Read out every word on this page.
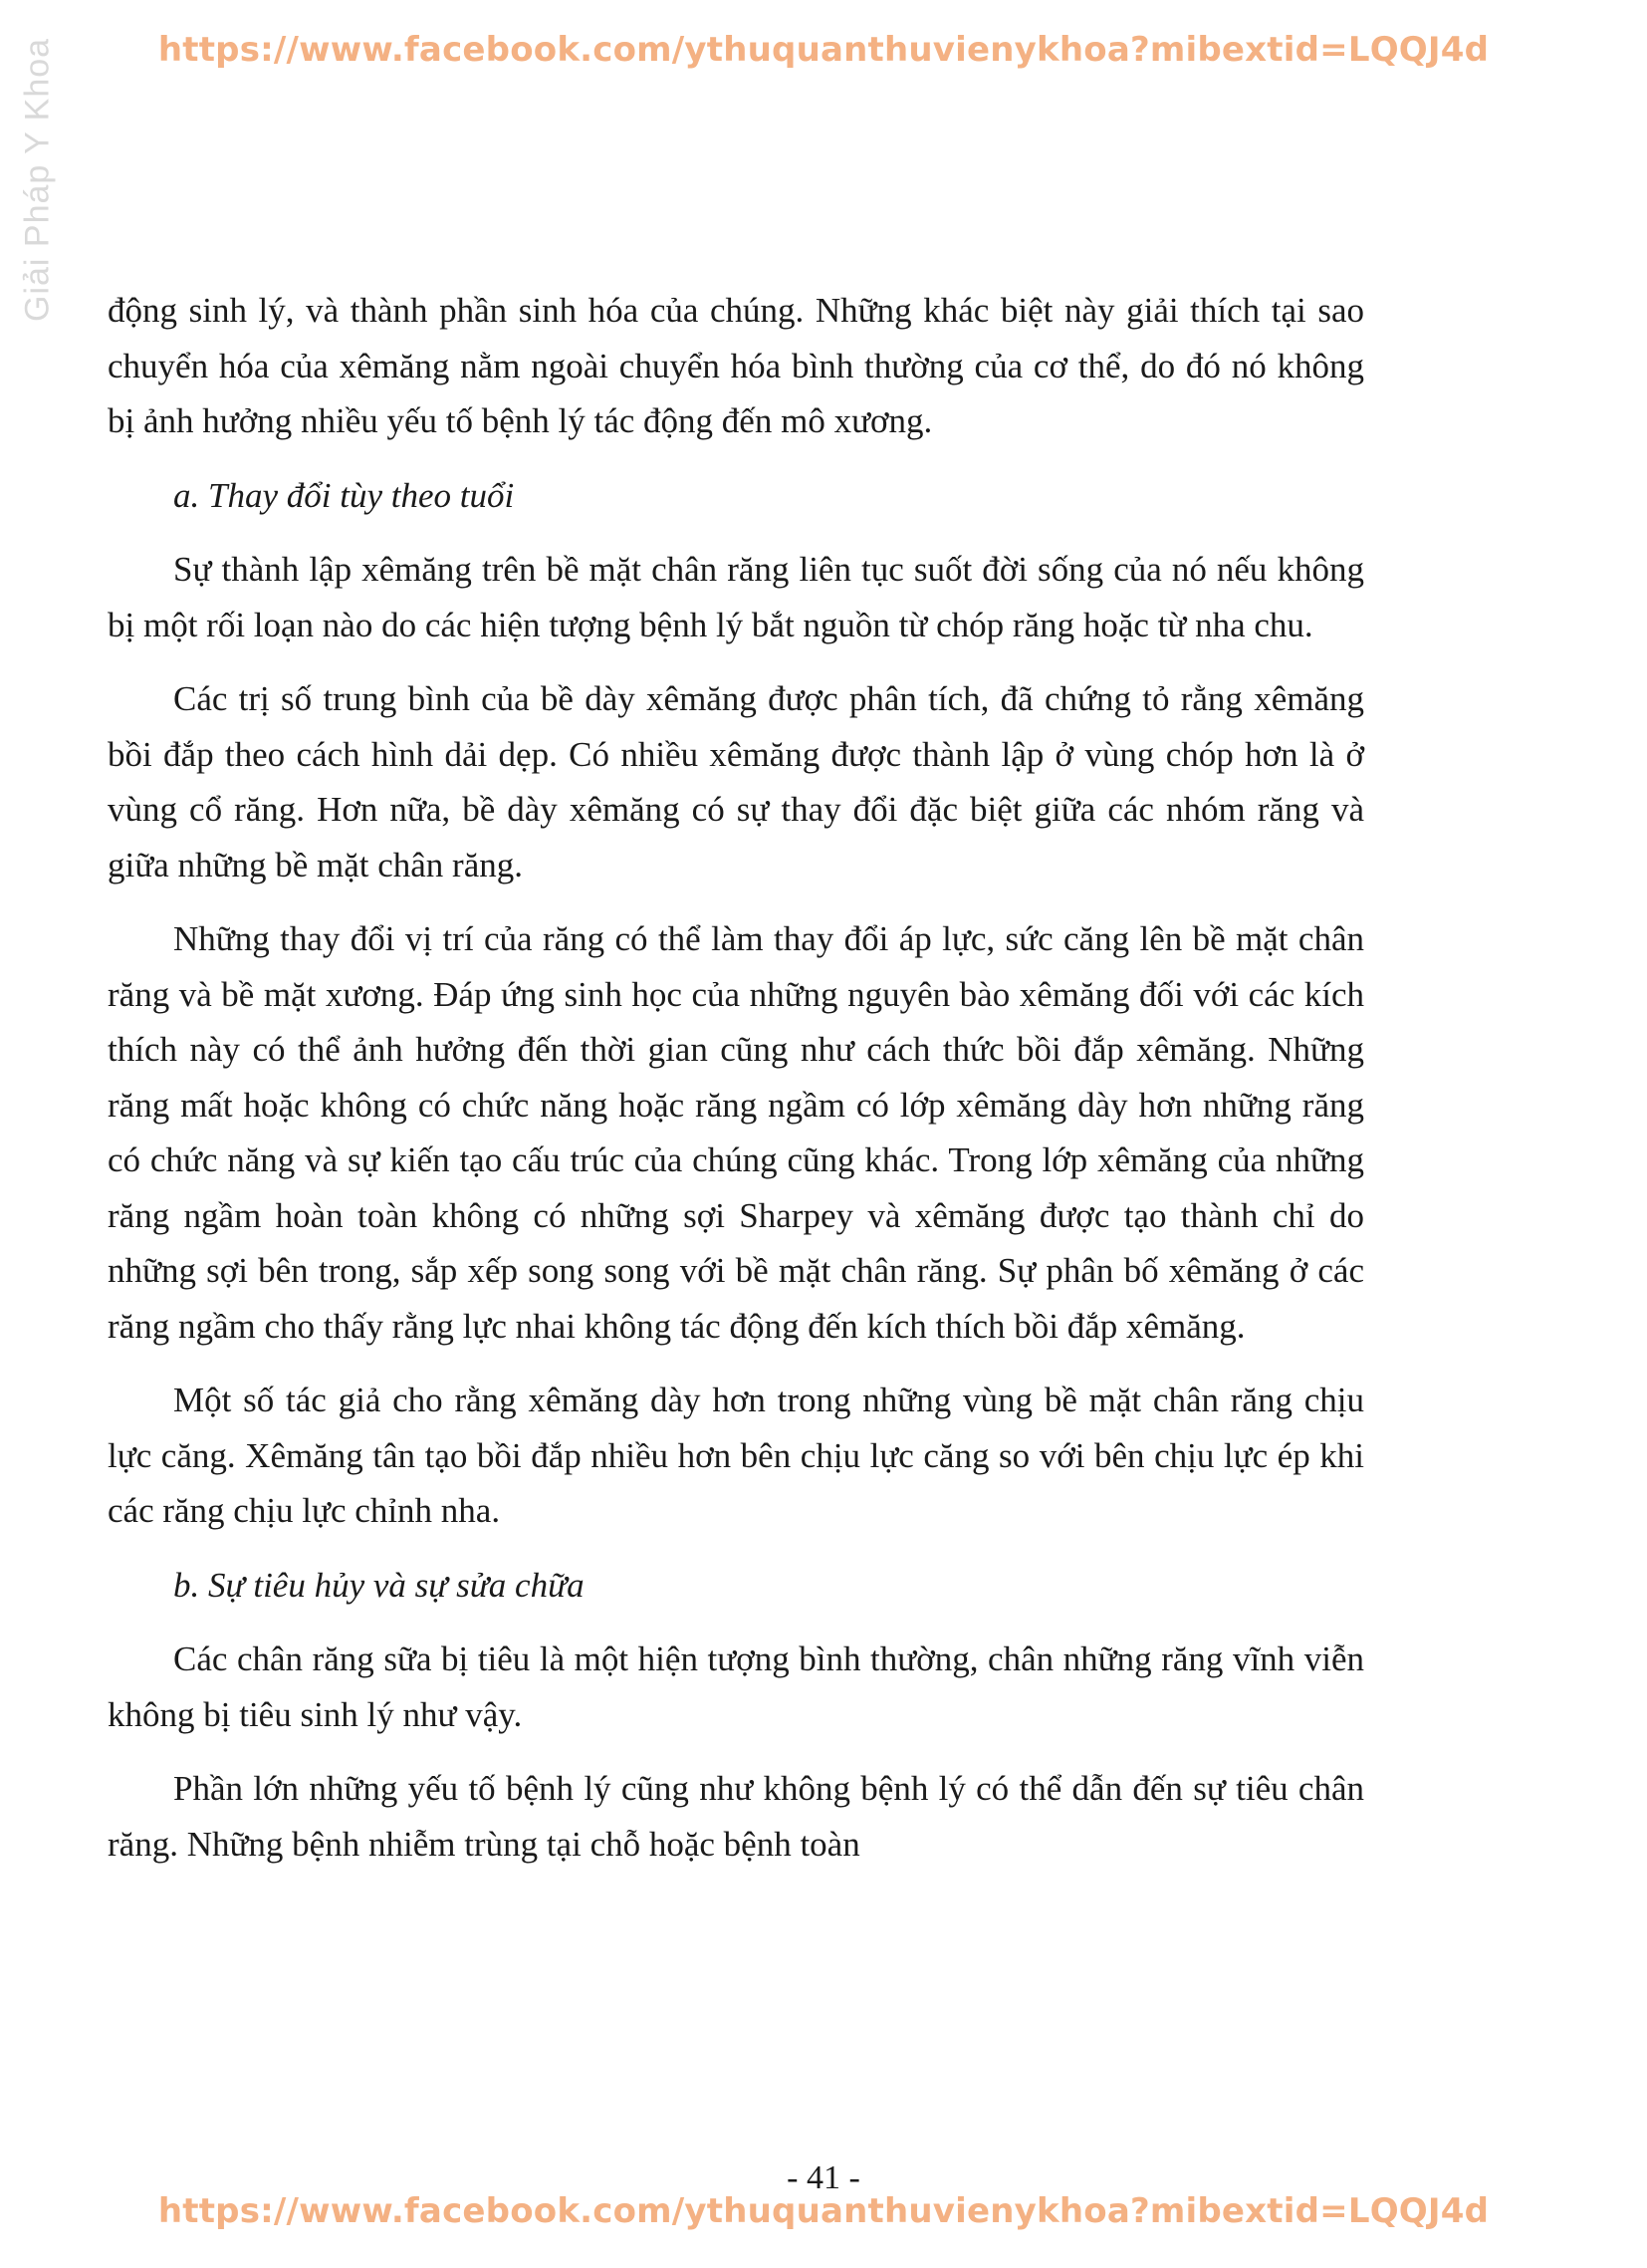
Giải Pháp Y Khoa	https://www.facebook.com/ythuquanthuvienykhoa?mibextid=LQQJ4d

động sinh lý, và thành phần sinh hóa của chúng. Những khác biệt này giải thích tại sao chuyển hóa của xêmăng nằm ngoài chuyển hóa bình thường của cơ thể, do đó nó không bị ảnh hưởng nhiều yếu tố bệnh lý tác động đến mô xương.

a. Thay đổi tùy theo tuổi

Sự thành lập xêmăng trên bề mặt chân răng liên tục suốt đời sống của nó nếu không bị một rối loạn nào do các hiện tượng bệnh lý bắt nguồn từ chóp răng hoặc từ nha chu.

Các trị số trung bình của bề dày xêmăng được phân tích, đã chứng tỏ rằng xêmăng bồi đắp theo cách hình dải dẹp. Có nhiều xêmăng được thành lập ở vùng chóp hơn là ở vùng cổ răng. Hơn nữa, bề dày xêmăng có sự thay đổi đặc biệt giữa các nhóm răng và giữa những bề mặt chân răng.

Những thay đổi vị trí của răng có thể làm thay đổi áp lực, sức căng lên bề mặt chân răng và bề mặt xương. Đáp ứng sinh học của những nguyên bào xêmăng đối với các kích thích này có thể ảnh hưởng đến thời gian cũng như cách thức bồi đắp xêmăng. Những răng mất hoặc không có chức năng hoặc răng ngầm có lớp xêmăng dày hơn những răng có chức năng và sự kiến tạo cấu trúc của chúng cũng khác. Trong lớp xêmăng của những răng ngầm hoàn toàn không có những sợi Sharpey và xêmăng được tạo thành chỉ do những sợi bên trong, sắp xếp song song với bề mặt chân răng. Sự phân bố xêmăng ở các răng ngầm cho thấy rằng lực nhai không tác động đến kích thích bồi đắp xêmăng.

Một số tác giả cho rằng xêmăng dày hơn trong những vùng bề mặt chân răng chịu lực căng. Xêmăng tân tạo bồi đắp nhiều hơn bên chịu lực căng so với bên chịu lực ép khi các răng chịu lực chỉnh nha.

b. Sự tiêu hủy và sự sửa chữa

Các chân răng sữa bị tiêu là một hiện tượng bình thường, chân những răng vĩnh viễn không bị tiêu sinh lý như vậy.

Phần lớn những yếu tố bệnh lý cũng như không bệnh lý có thể dẫn đến sự tiêu chân răng. Những bệnh nhiễm trùng tại chỗ hoặc bệnh toàn

- 41 -
https://www.facebook.com/ythuquanthuvienykhoa?mibextid=LQQJ4d
